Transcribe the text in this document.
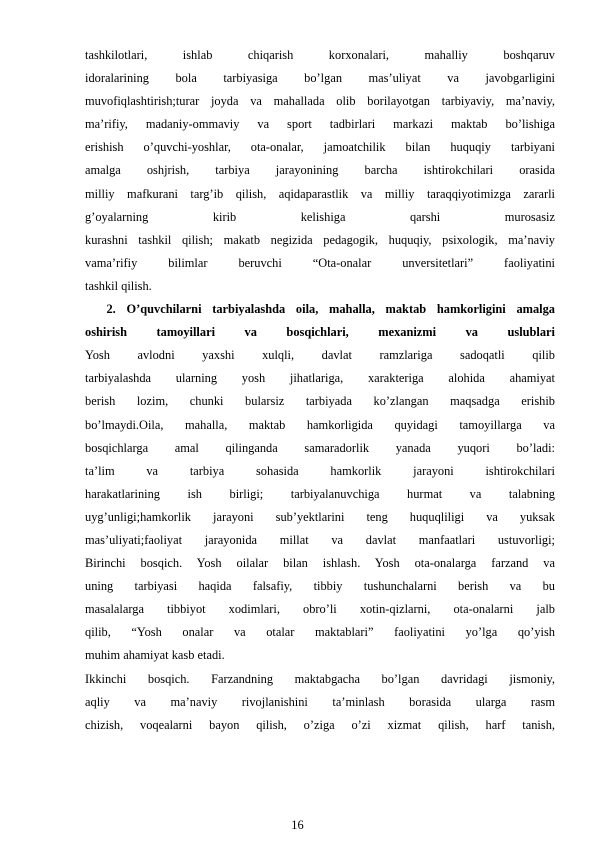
tashkilotlari, ishlab chiqarish korxonalari, mahalliy boshqaruv
idoralarining bola tarbiyasiga bo’lgan mas’uliyat va javobgarligini
muvofiqlashtirish;turar joyda va mahallada olib borilayotgan tarbiyaviy, ma’naviy,
ma’rifiy, madaniy-ommaviy va sport tadbirlari markazi maktab bo’lishiga
erishish o’quvchi-yoshlar, ota-onalar, jamoatchilik bilan huquqiy tarbiyani
amalga oshjrish, tarbiya jarayonining barcha ishtirokchilari orasida
milliy mafkurani targ’ib qilish, aqidaparastlik va milliy taraqqiyotimizga zararli
g’oyalarning kirib kelishiga qarshi murosasiz
kurashni tashkil qilish; makatb negizida pedagogik, huquqiy, psixologik, ma’naviy
vama’rifiy bilimlar beruvchi “Ota-onalar unversitetlari” faoliyatini
tashkil qilish.
2. O’quvchilarni tarbiyalashda oila, mahalla, maktab hamkorligini amalga
oshirish tamoyillari va bosqichlari, mexanizmi va uslublari
Yosh avlodni yaxshi xulqli, davlat ramzlariga sadoqatli qilib
tarbiyalashda ularning yosh jihatlariga, xarakteriga alohida ahamiyat
berish lozim, chunki bularsiz tarbiyada ko’zlangan maqsadga erishib
bo’lmaydi.Oila, mahalla, maktab hamkorligida quyidagi tamoyillarga va
bosqichlarga amal qilinganda samaradorlik yanada yuqori bo’ladi:
ta’lim va tarbiya sohasida hamkorlik jarayoni ishtirokchilari
harakatlarining ish birligi; tarbiyalanuvchiga hurmat va talabning
uyg’unligi;hamkorlik jarayoni sub’yektlarini teng huquqliligi va yuksak
mas’uliyati;faoliyat jarayonida millat va davlat manfaatlari ustuvorligi;
Birinchi bosqich. Yosh oilalar bilan ishlash. Yosh ota-onalarga farzand va
uning tarbiyasi haqida falsafiy, tibbiy tushunchalarni berish va bu
masalalarga tibbiyot xodimlari, obro’li xotin-qizlarni, ota-onalarni jalb
qilib, “Yosh onalar va otalar maktablari” faoliyatini yo’lga qo’yish
muhim ahamiyat kasb etadi.
Ikkinchi bosqich. Farzandning maktabgacha bo’lgan davridagi jismoniy,
aqliy va ma’naviy rivojlanishini ta’minlash borasida ularga rasm
chizish, voqealarni bayon qilish, o’ziga o’zi xizmat qilish, harf tanish,
16
